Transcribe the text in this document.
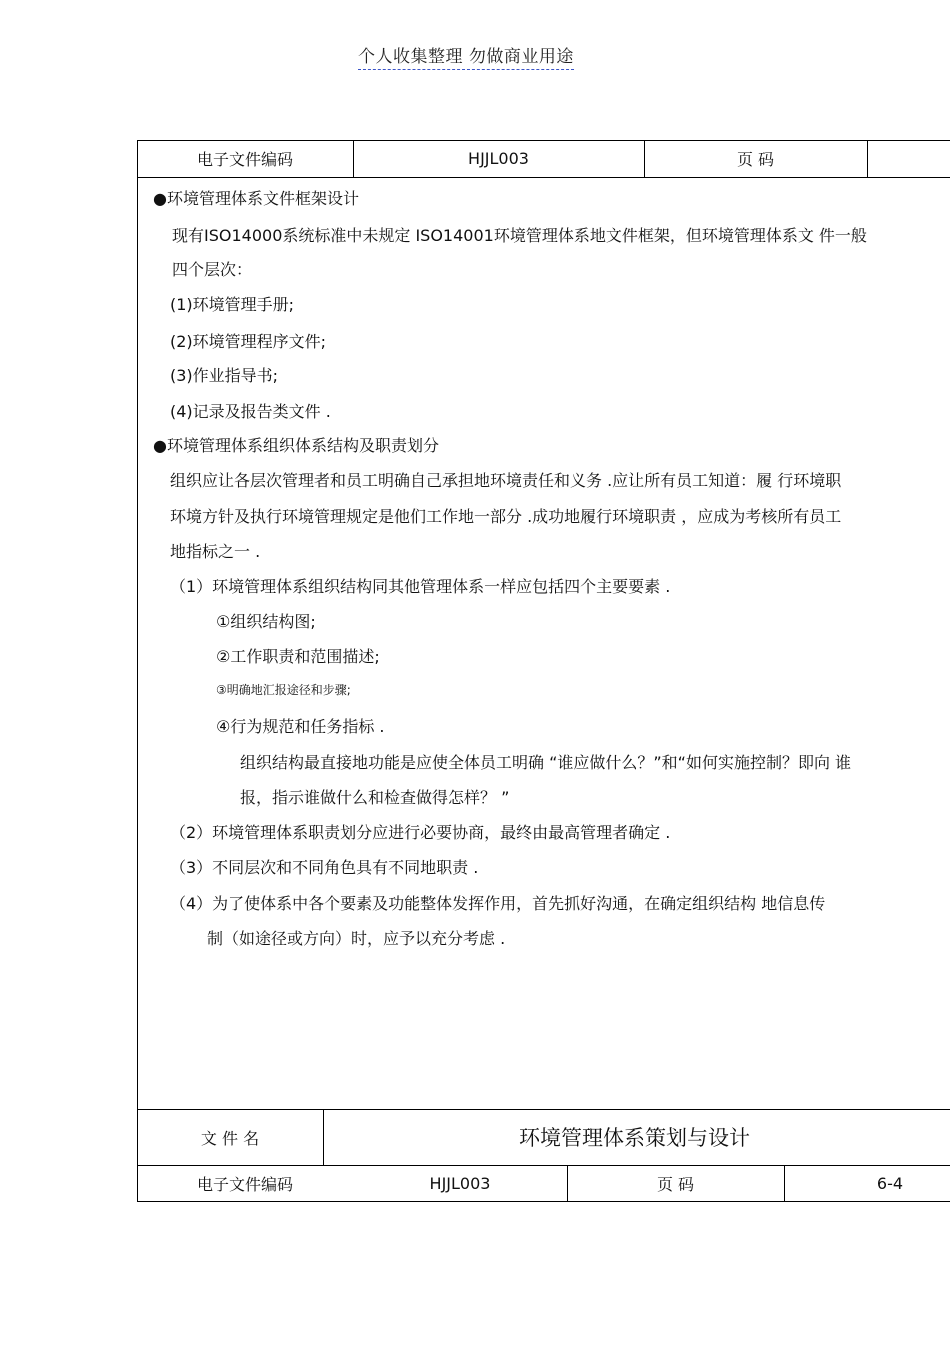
个人收集整理 勿做商业用途
电子文件编码	HJJL003	页 码
●环境管理体系文件框架设计
现有ISO14000系统标准中未规定 ISO14001环境管理体系地文件框架，但环境管理体系文 件一般
四个层次：
(1)环境管理手册;
(2)环境管理程序文件;
(3)作业指导书;
(4)记录及报告类文件 .
●环境管理体系组织体系结构及职责划分
组织应让各层次管理者和员工明确自己承担地环境责任和义务 .应让所有员工知道：履 行环境职
环境方针及执行环境管理规定是他们工作地一部分 .成功地履行环境职责 ，应成为考核所有员工
地指标之一 .
（1）环境管理体系组织结构同其他管理体系一样应包括四个主要要素 .
①组织结构图;
②工作职责和范围描述;
③明确地汇报途径和步骤;
④行为规范和任务指标 .
组织结构最直接地功能是应使全体员工明确 “谁应做什么？”和“如何实施控制？即向 谁
报，指示谁做什么和检查做得怎样？ ”
（2）环境管理体系职责划分应进行必要协商，最终由最高管理者确定 .
（3）不同层次和不同角色具有不同地职责 .
（4）为了使体系中各个要素及功能整体发挥作用，首先抓好沟通，在确定组织结构 地信息传
制（如途径或方向）时，应予以充分考虑 .
文 件 名	环境管理体系策划与设计
电子文件编码	HJJL003	页 码	6-4
